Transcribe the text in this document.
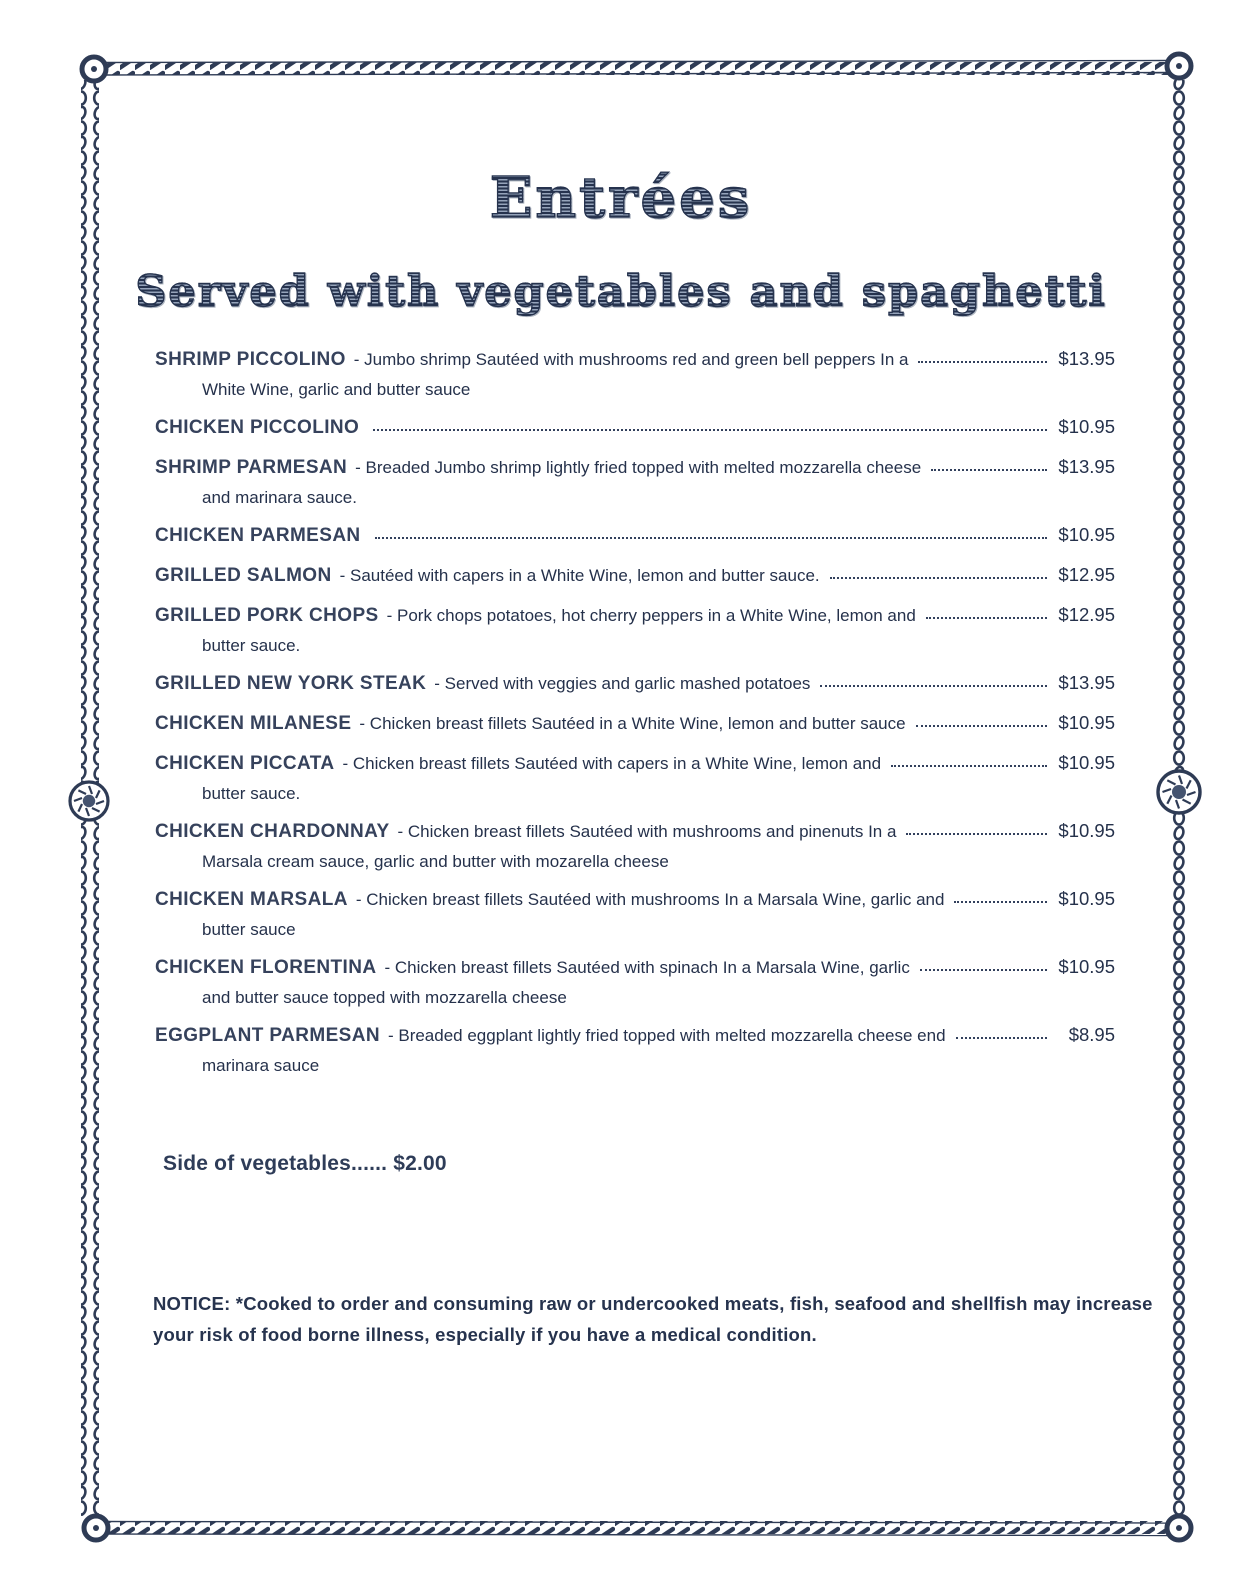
Entrées
Served with vegetables and spaghetti
SHRIMP PICCOLINO - Jumbo shrimp Sautéed with mushrooms red and green bell peppers In a	$13.95
White Wine, garlic and butter sauce
CHICKEN PICCOLINO	$10.95
SHRIMP PARMESAN - Breaded Jumbo shrimp lightly fried topped with melted mozzarella cheese	$13.95
and marinara sauce.
CHICKEN PARMESAN	$10.95
GRILLED SALMON - Sautéed with capers in a White Wine, lemon and butter sauce.	$12.95
GRILLED PORK CHOPS - Pork chops potatoes, hot cherry peppers in a White Wine, lemon and	$12.95
butter sauce.
GRILLED NEW YORK STEAK - Served with veggies and garlic mashed potatoes	$13.95
CHICKEN MILANESE - Chicken breast fillets Sautéed in a White Wine, lemon and butter sauce	$10.95
CHICKEN PICCATA - Chicken breast fillets Sautéed with capers in a White Wine, lemon and	$10.95
butter sauce.
CHICKEN CHARDONNAY - Chicken breast fillets Sautéed with mushrooms and pinenuts In a	$10.95
Marsala cream sauce, garlic and butter with mozarella cheese
CHICKEN MARSALA - Chicken breast fillets Sautéed with mushrooms In a Marsala Wine, garlic and	$10.95
butter sauce
CHICKEN FLORENTINA - Chicken breast fillets Sautéed with spinach In a Marsala Wine, garlic	$10.95
and butter sauce topped with mozzarella cheese
EGGPLANT PARMESAN - Breaded eggplant lightly fried topped with melted mozzarella cheese end	$8.95
marinara sauce
Side of vegetables...... $2.00
NOTICE: *Cooked to order and consuming raw or undercooked meats, fish, seafood and shellfish may increase your risk of food borne illness, especially if you have a medical condition.
